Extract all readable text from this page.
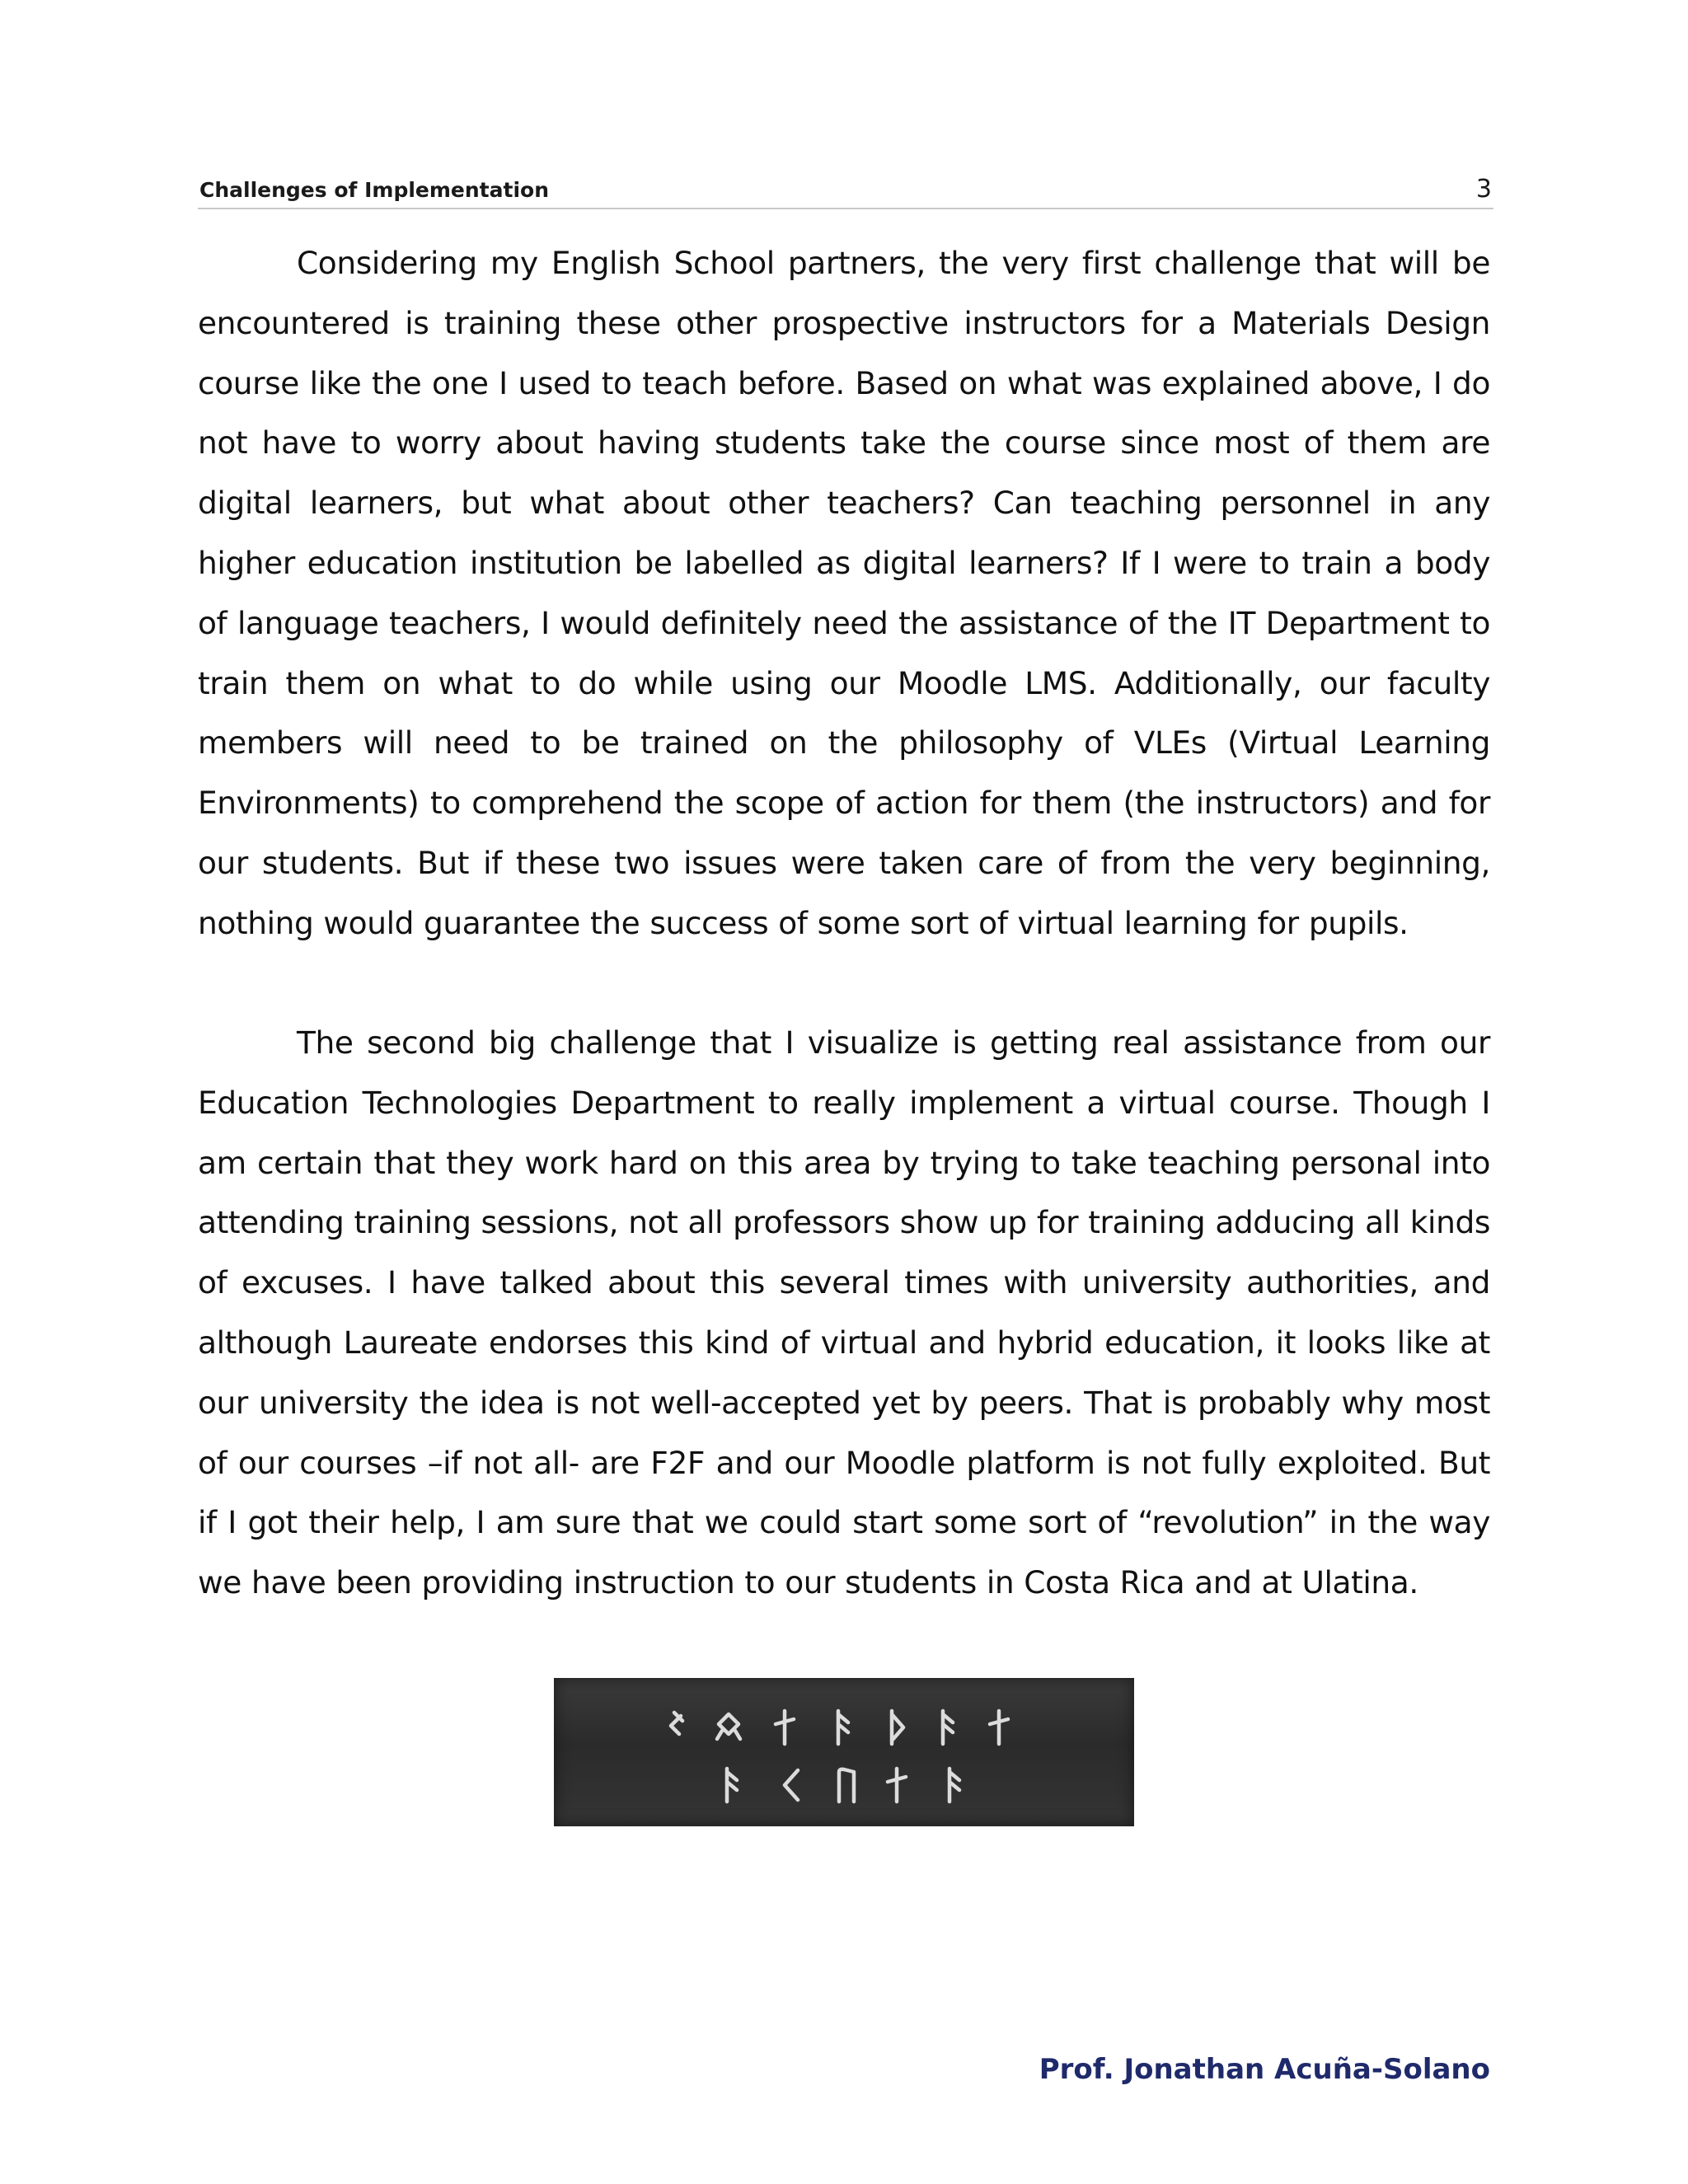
Challenges of Implementation	3

Considering my English School partners, the very first challenge that will be encountered is training these other prospective instructors for a Materials Design course like the one I used to teach before. Based on what was explained above, I do not have to worry about having students take the course since most of them are digital learners, but what about other teachers? Can teaching personnel in any higher education institution be labelled as digital learners? If I were to train a body of language teachers, I would definitely need the assistance of the IT Department to train them on what to do while using our Moodle LMS. Additionally, our faculty members will need to be trained on the philosophy of VLEs (Virtual Learning Environments) to comprehend the scope of action for them (the instructors) and for our students. But if these two issues were taken care of from the very beginning, nothing would guarantee the success of some sort of virtual learning for pupils.

The second big challenge that I visualize is getting real assistance from our Education Technologies Department to really implement a virtual course. Though I am certain that they work hard on this area by trying to take teaching personal into attending training sessions, not all professors show up for training adducing all kinds of excuses. I have talked about this several times with university authorities, and although Laureate endorses this kind of virtual and hybrid education, it looks like at our university the idea is not well-accepted yet by peers. That is probably why most of our courses –if not all- are F2F and our Moodle platform is not fully exploited. But if I got their help, I am sure that we could start some sort of “revolution” in the way we have been providing instruction to our students in Costa Rica and at Ulatina.

Prof. Jonathan Acuña-Solano
